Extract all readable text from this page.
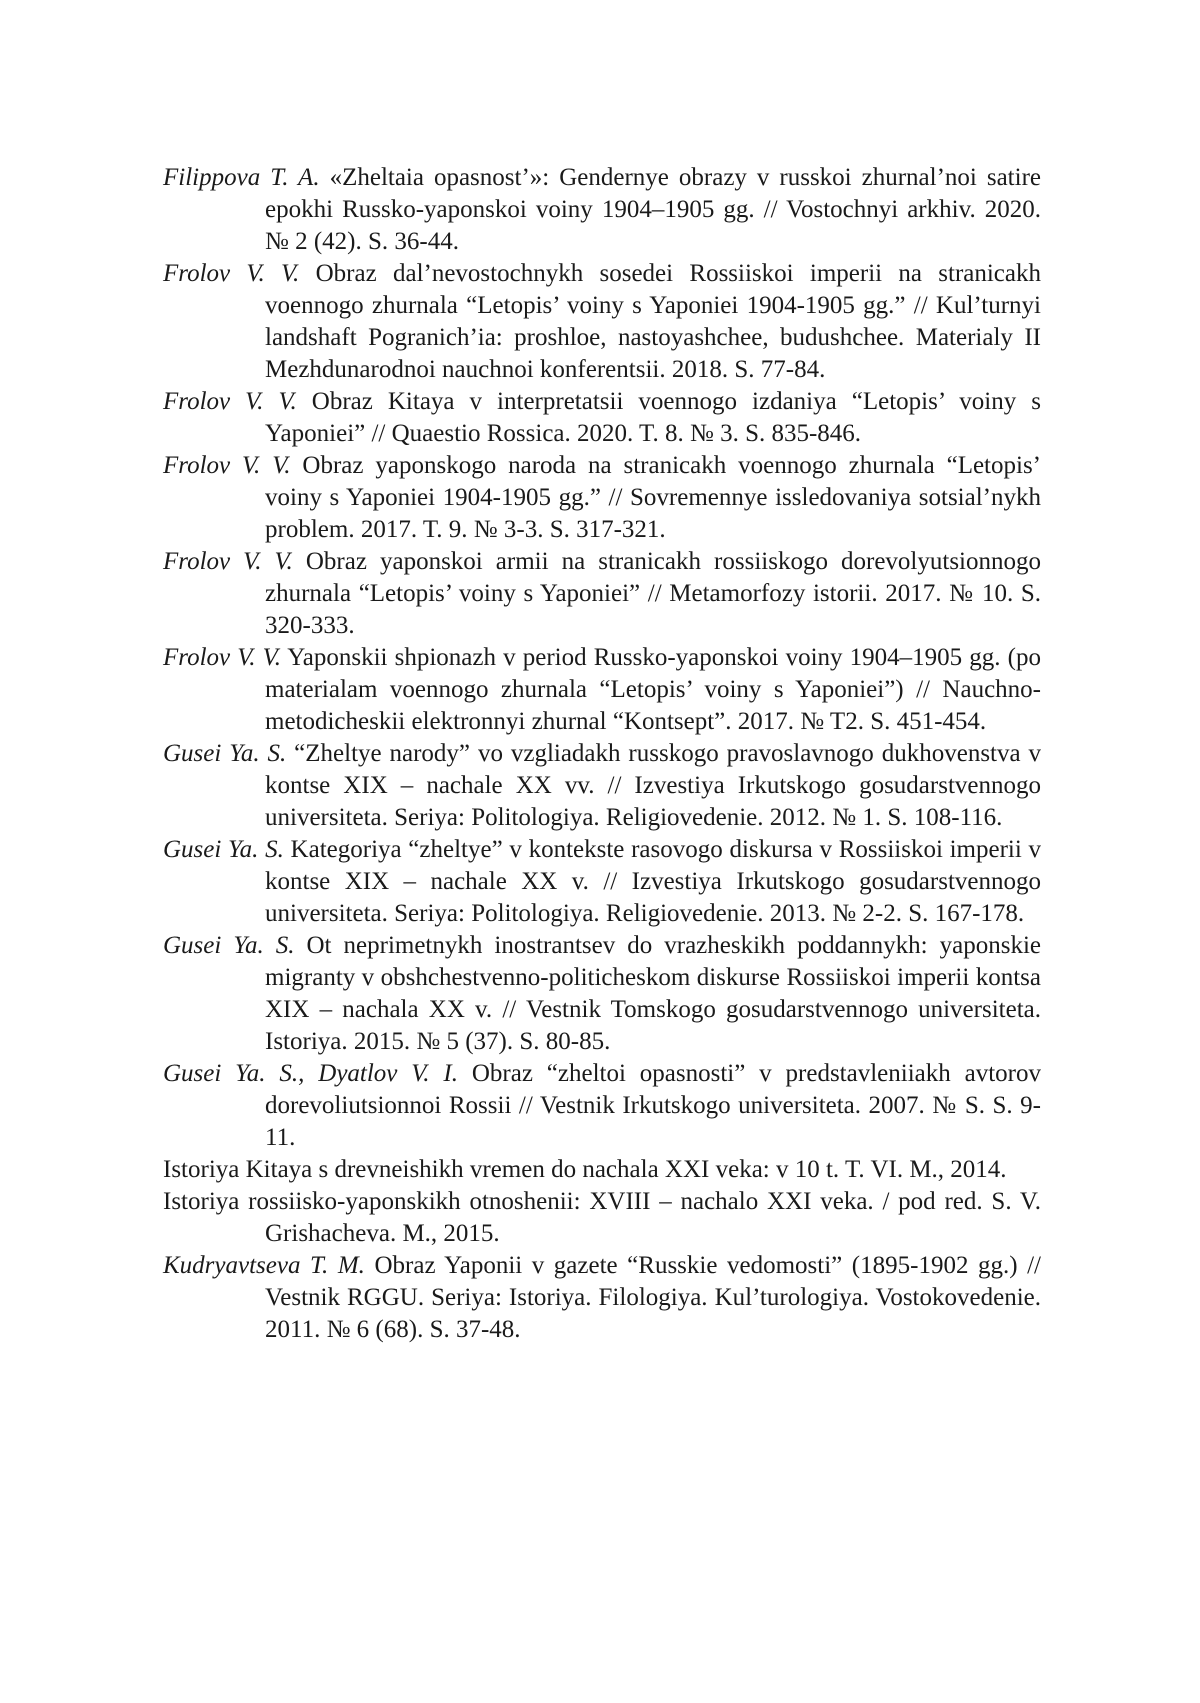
Filippova T. A. «Zheltaia opasnost’»: Gendernye obrazy v russkoi zhurnal’noi satire epokhi Russko-yaponskoi voiny 1904–1905 gg. // Vostochnyi arkhiv. 2020. № 2 (42). S. 36-44.

Frolov V. V. Obraz dal’nevostochnykh sosedei Rossiiskoi imperii na stranicakh voennogo zhurnala “Letopis’ voiny s Yaponiei 1904-1905 gg.” // Kul’turnyi landshaft Pogranich’ia: proshloe, nastoyashchee, budushchee. Materialy II Mezhdunarodnoi nauchnoi konferentsii. 2018. S. 77-84.

Frolov V. V. Obraz Kitaya v interpretatsii voennogo izdaniya “Letopis’ voiny s Yaponiei” // Quaestio Rossica. 2020. T. 8. № 3. S. 835-846.

Frolov V. V. Obraz yaponskogo naroda na stranicakh voennogo zhurnala “Letopis’ voiny s Yaponiei 1904-1905 gg.” // Sovremennye issledovaniya sotsial’nykh problem. 2017. T. 9. № 3-3. S. 317-321.

Frolov V. V. Obraz yaponskoi armii na stranicakh rossiiskogo dorevolyutsionnogo zhurnala “Letopis’ voiny s Yaponiei” // Metamorfozy istorii. 2017. № 10. S. 320-333.

Frolov V. V. Yaponskii shpionazh v period Russko-yaponskoi voiny 1904–1905 gg. (po materialam voennogo zhurnala “Letopis’ voiny s Yaponiei”) // Nauchno-metodicheskii elektronnyi zhurnal “Kontsept”. 2017. № T2. S. 451-454.

Gusei Ya. S. “Zheltye narody” vo vzgliadakh russkogo pravoslavnogo dukhovenstva v kontse XIX – nachale XX vv. // Izvestiya Irkutskogo gosudarstvennogo universiteta. Seriya: Politologiya. Religiovedenie. 2012. № 1. S. 108-116.

Gusei Ya. S. Kategoriya “zheltye” v kontekste rasovogo diskursa v Rossiiskoi imperii v kontse XIX – nachale XX v. // Izvestiya Irkutskogo gosudarstvennogo universiteta. Seriya: Politologiya. Religiovedenie. 2013. № 2-2. S. 167-178.

Gusei Ya. S. Ot neprimetnykh inostrantsev do vrazheskikh poddannykh: yaponskie migranty v obshchestvenno-politicheskom diskurse Rossiiskoi imperii kontsa XIX – nachala XX v. // Vestnik Tomskogo gosudarstvennogo universiteta. Istoriya. 2015. № 5 (37). S. 80-85.

Gusei Ya. S., Dyatlov V. I. Obraz “zheltoi opasnosti” v predstavleniiakh avtorov dorevoliutsionnoi Rossii // Vestnik Irkutskogo universiteta. 2007. № S. S. 9-11.

Istoriya Kitaya s drevneishikh vremen do nachala XXI veka: v 10 t. T. VI. M., 2014.

Istoriya rossiisko-yaponskikh otnoshenii: XVIII – nachalo XXI veka. / pod red. S. V. Grishacheva. M., 2015.

Kudryavtseva T. M. Obraz Yaponii v gazete “Russkie vedomosti” (1895-1902 gg.) // Vestnik RGGU. Seriya: Istoriya. Filologiya. Kul’turologiya. Vostokovedenie. 2011. № 6 (68). S. 37-48.
